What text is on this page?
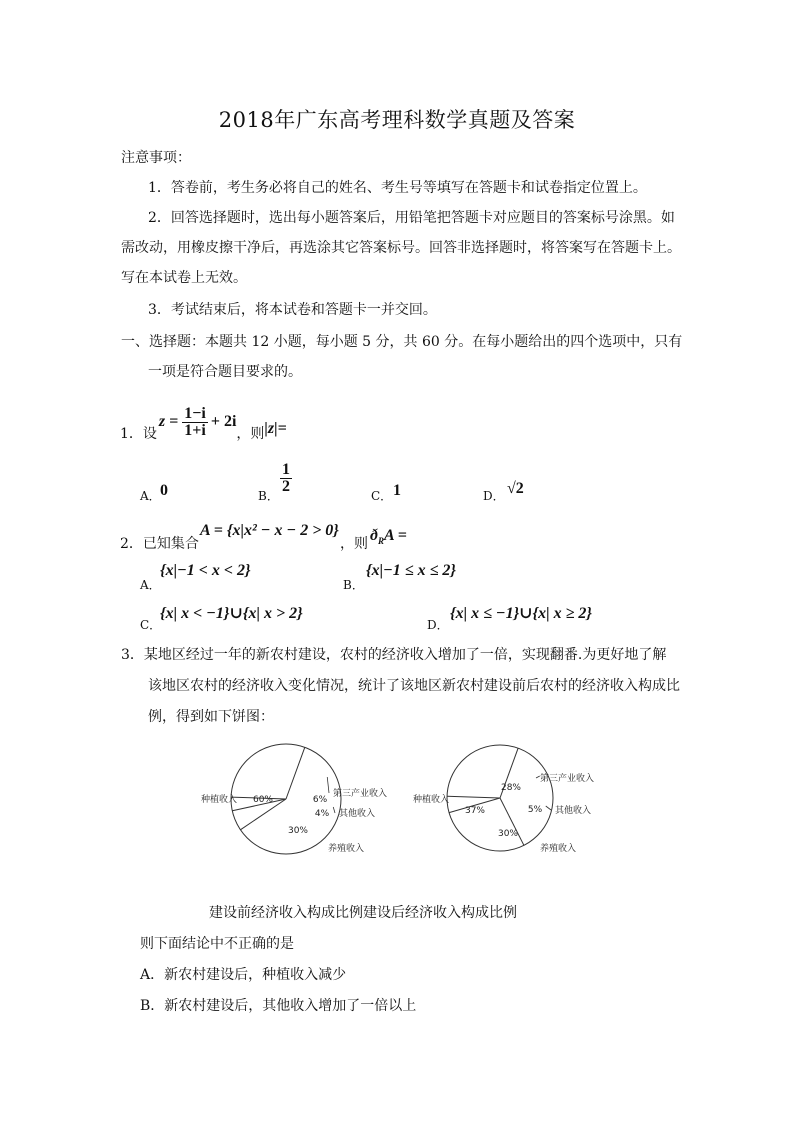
2018年广东高考理科数学真题及答案
注意事项：
1．答卷前，考生务必将自己的姓名、考生号等填写在答题卡和试卷指定位置上。
2．回答选择题时，选出每小题答案后，用铅笔把答题卡对应题目的答案标号涂黑。如
需改动，用橡皮擦干净后，再选涂其它答案标号。回答非选择题时，将答案写在答题卡上。
写在本试卷上无效。
3．考试结束后，将本试卷和答题卡一并交回。
一、选择题：本题共 12 小题，每小题 5 分，共 60 分。在每小题给出的四个选项中，只有
一项是符合题目要求的。
1．设
$z = \frac{1-i}{1+i} + 2i$
，则 |z|=
A． 0	B．
$\frac{1}{2}$
C． 1	D． √2
2．已知集合
A = {x|x² − x − 2 > 0}
，则 $ð_RA$ =
A．
{x|−1 < x < 2}
B．
{x|−1 ≤ x ≤ 2}
C．
{x| x < −1}∪{x| x > 2}
D．
{x| x ≤ −1}∪{x| x ≥ 2}
3．某地区经过一年的新农村建设，农村的经济收入增加了一倍，实现翻番.为更好地了解
该地区农村的经济收入变化情况，统计了该地区新农村建设前后农村的经济收入构成比
例，得到如下饼图：
60%
种植收入	6%
第三产业收入
4% 其他收入
30%
养殖收入
37%
种植收入
28%
第三产业收入
5% 其他收入
30%
养殖收入
建设前经济收入构成比例建设后经济收入构成比例
则下面结论中不正确的是
A．新农村建设后，种植收入减少
B．新农村建设后，其他收入增加了一倍以上
